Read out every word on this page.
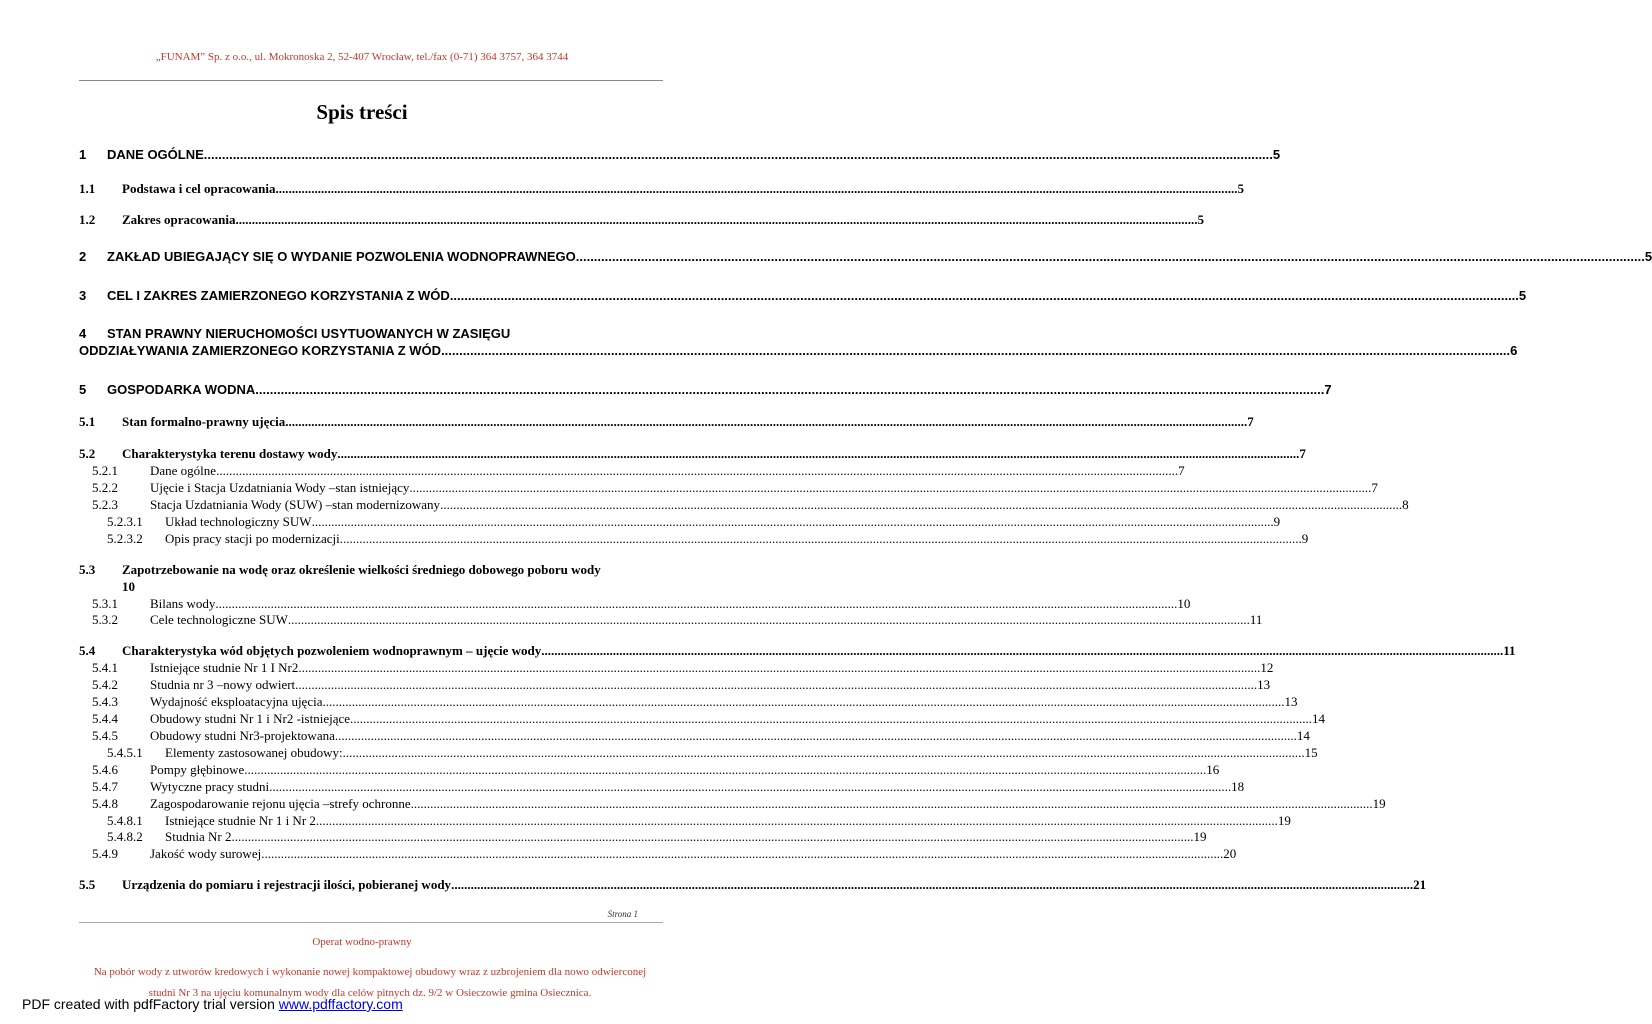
„FUNAM” Sp. z o.o., ul. Mokronoska 2, 52-407 Wrocław, tel./fax (0-71) 364 3757, 364 3744
Spis treści
1	DANE OGÓLNE .....	5
1.1	Podstawa i cel opracowania .....	5
1.2	Zakres opracowania .....	5
2	ZAKŁAD UBIEGAJĄCY SIĘ O WYDANIE POZWOLENIA WODNOPRAWNEGO .....	5
3	CEL I ZAKRES ZAMIERZONEGO KORZYSTANIA Z WÓD .....	5
4	STAN PRAWNY NIERUCHOMOŚCI USYTUOWANYCH W ZASIĘGU
ODDZIAŁYWANIA ZAMIERZONEGO KORZYSTANIA Z WÓD .....	6
5	GOSPODARKA WODNA .....	7
5.1	Stan formalno-prawny ujęcia .....	7
5.2	Charakterystyka terenu dostawy wody .....	7
5.2.1	Dane ogólne .....	7
5.2.2	Ujęcie i Stacja Uzdatniania Wody –stan istniejący .....	7
5.2.3	Stacja Uzdatniania Wody (SUW) –stan modernizowany .....	8
5.2.3.1	Układ technologiczny SUW .....	9
5.2.3.2	Opis pracy stacji po modernizacji .....	9
5.3	Zapotrzebowanie na wodę oraz określenie wielkości średniego dobowego poboru wody
10
5.3.1	Bilans wody .....	10
5.3.2	Cele technologiczne SUW .....	11
5.4	Charakterystyka wód objętych pozwoleniem wodnoprawnym – ujęcie wody .....	11
5.4.1	Istniejące studnie Nr 1 I Nr2 .....	12
5.4.2	Studnia nr 3 –nowy odwiert .....	13
5.4.3	Wydajność eksploatacyjna ujęcia .....	13
5.4.4	Obudowy studni Nr 1 i Nr2 -istniejące .....	14
5.4.5	Obudowy studni Nr3-projektowana .....	14
5.4.5.1	Elementy zastosowanej obudowy: .....	15
5.4.6	Pompy głębinowe .....	16
5.4.7	Wytyczne pracy studni .....	18
5.4.8	Zagospodarowanie rejonu ujęcia –strefy ochronne .....	19
5.4.8.1	Istniejące studnie Nr 1 i Nr 2 .....	19
5.4.8.2	Studnia Nr 2 .....	19
5.4.9	Jakość wody surowej .....	20
5.5	Urządzenia do pomiaru i rejestracji ilości, pobieranej wody .....	21
Strona 1
Operat wodno-prawny
Na pobór wody z utworów kredowych i wykonanie nowej kompaktowej obudowy wraz z uzbrojeniem dla nowo odwierconej studni Nr 3 na ujęciu komunalnym wody dla celów pitnych dz. 9/2 w Osieczowie gmina Osiecznica.
PDF created with pdfFactory trial version www.pdffactory.com
